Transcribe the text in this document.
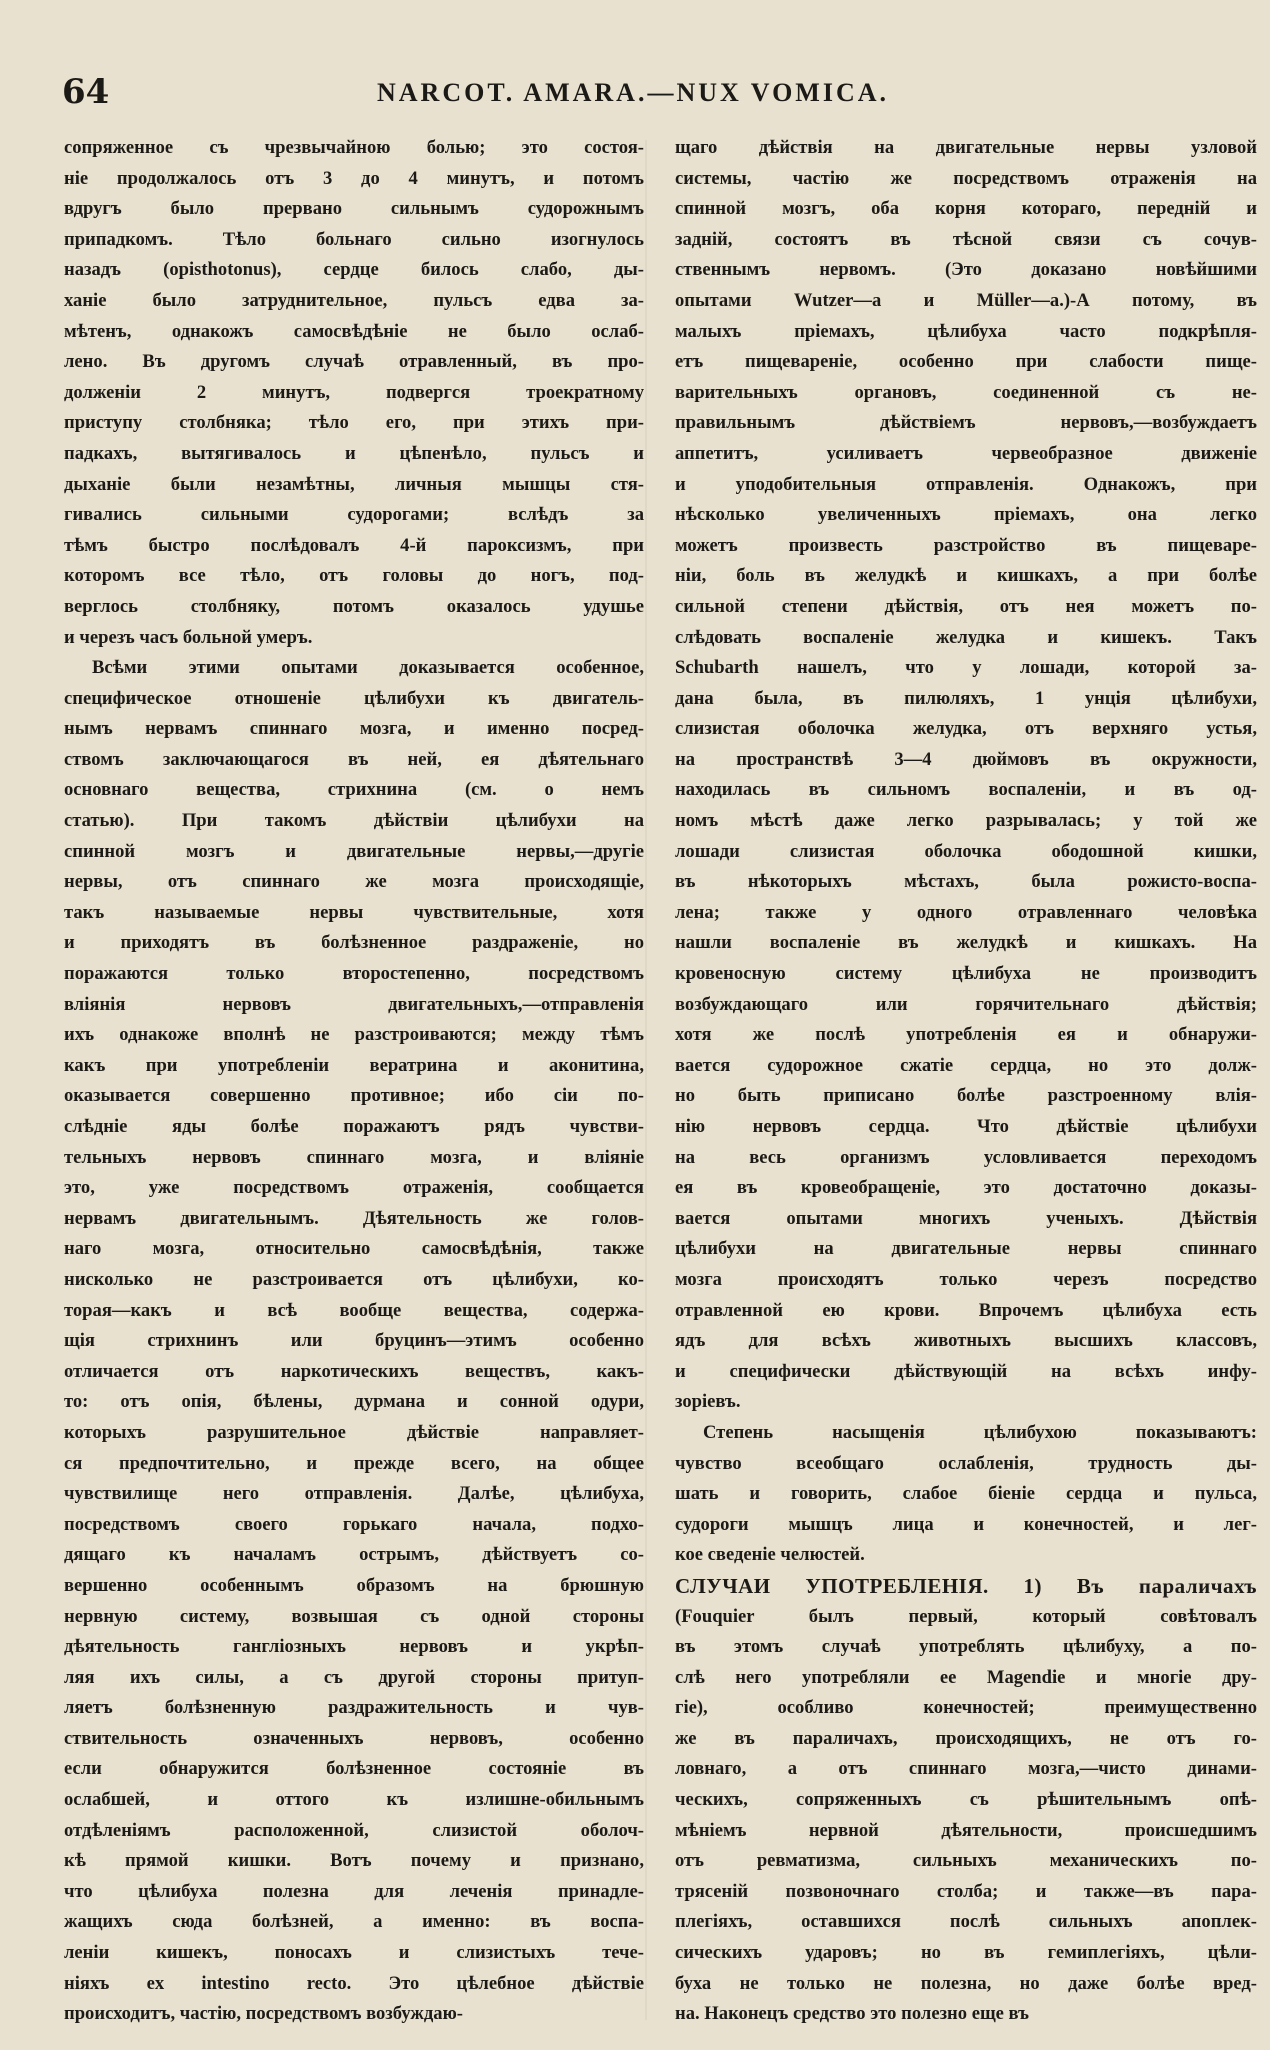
64	NARCOT. AMARA.—NUX VOMICA.
сопряженное съ чрезвычайною болью; это состоя-
ніе продолжалось отъ 3 до 4 минутъ, и потомъ
вдругъ было прервано сильнымъ судорожнымъ
припадкомъ. Тѣло больнаго сильно изогнулось
назадъ (opisthotonus), сердце билось слабо, ды-
ханіе было затруднительное, пульсъ едва за-
мѣтенъ, однакожъ самосвѣдѣніе не было ослаб-
лено. Въ другомъ случаѣ отравленный, въ про-
долженіи 2 минутъ, подвергся троекратному
приступу столбняка; тѣло его, при этихъ при-
падкахъ, вытягивалось и цѣпенѣло, пульсъ и
дыханіе были незамѣтны, личныя мышцы стя-
гивались сильными судорогами; вслѣдъ за
тѣмъ быстро послѣдовалъ 4-й пароксизмъ, при
которомъ все тѣло, отъ головы до ногъ, под-
верглось столбняку, потомъ оказалось удушье
и черезъ часъ больной умеръ.
Всѣми этими опытами доказывается особенное,
специфическое отношеніе цѣлибухи къ двигатель-
нымъ нервамъ спиннаго мозга, и именно посред-
ствомъ заключающагося въ ней, ея дѣятельнаго
основнаго вещества, стрихнина (см. о немъ
статью). При такомъ дѣйствіи цѣлибухи на
спинной мозгъ и двигательные нервы,—другіе
нервы, отъ спиннаго же мозга происходящіе,
такъ называемые нервы чувствительные, хотя
и приходятъ въ болѣзненное раздраженіе, но
поражаются только второстепенно, посредствомъ
вліянія нервовъ двигательныхъ,—отправленія
ихъ однакоже вполнѣ не разстроиваются; между тѣмъ
какъ при употребленіи вератрина и аконитина,
оказывается совершенно противное; ибо сіи по-
слѣдніе яды болѣе поражаютъ рядъ чувстви-
тельныхъ нервовъ спиннаго мозга, и вліяніе
это, уже посредствомъ отраженія, сообщается
нервамъ двигательнымъ. Дѣятельность же голов-
наго мозга, относительно самосвѣдѣнія, также
нисколько не разстроивается отъ цѣлибухи, ко-
торая—какъ и всѣ вообще вещества, содержа-
щія стрихнинъ или бруцинъ—этимъ особенно
отличается отъ наркотическихъ веществъ, какъ-
то: отъ опія, бѣлены, дурмана и сонной одури,
которыхъ разрушительное дѣйствіе направляет-
ся предпочтительно, и прежде всего, на общее
чувствилище него отправленія. Далѣе, цѣлибуха,
посредствомъ своего горькаго начала, подхо-
дящаго къ началамъ острымъ, дѣйствуетъ со-
вершенно особеннымъ образомъ на брюшную
нервную систему, возвышая съ одной стороны
дѣятельность гангліозныхъ нервовъ и укрѣп-
ляя ихъ силы, а съ другой стороны притуп-
ляетъ болѣзненную раздражительность и чув-
ствительность означенныхъ нервовъ, особенно
если обнаружится болѣзненное состояніе въ
ослабшей, и оттого къ излишне-обильнымъ
отдѣленіямъ расположенной, слизистой оболоч-
кѣ прямой кишки. Вотъ почему и признано,
что цѣлибуха полезна для леченія принадле-
жащихъ сюда болѣзней, а именно: въ воспа-
леніи кишекъ, поносахъ и слизистыхъ тече-
ніяхъ ex intestino recto. Это цѣлебное дѣйствіе
происходитъ, частію, посредствомъ возбуждаю-
щаго дѣйствія на двигательные нервы узловой
системы, частію же посредствомъ отраженія на
спинной мозгъ, оба корня котораго, передній и
задній, состоятъ въ тѣсной связи съ сочув-
ственнымъ нервомъ. (Это доказано новѣйшими
опытами Wutzer—а и Müller—а.)-А потому, въ
малыхъ пріемахъ, цѣлибуха часто подкрѣпля-
етъ пищевареніе, особенно при слабости пище-
варительныхъ органовъ, соединенной съ не-
правильнымъ дѣйствіемъ нервовъ,—возбуждаетъ
аппетитъ, усиливаетъ червеобразное движеніе
и уподобительныя отправленія. Однакожъ, при
нѣсколько увеличенныхъ пріемахъ, она легко
можетъ произвесть разстройство въ пищеваре-
ніи, боль въ желудкѣ и кишкахъ, а при болѣе
сильной степени дѣйствія, отъ нея можетъ по-
слѣдовать воспаленіе желудка и кишекъ. Такъ
Schubarth нашелъ, что у лошади, которой за-
дана была, въ пилюляхъ, 1 унція цѣлибухи,
слизистая оболочка желудка, отъ верхняго устья,
на пространствѣ 3—4 дюймовъ въ окружности,
находилась въ сильномъ воспаленіи, и въ од-
номъ мѣстѣ даже легко разрывалась; у той же
лошади слизистая оболочка ободошной кишки,
въ нѣкоторыхъ мѣстахъ, была рожисто-воспа-
лена; также у одного отравленнаго человѣка
нашли воспаленіе въ желудкѣ и кишкахъ. На
кровеносную систему цѣлибуха не производитъ
возбуждающаго или горячительнаго дѣйствія;
хотя же послѣ употребленія ея и обнаружи-
вается судорожное сжатіе сердца, но это долж-
но быть приписано болѣе разстроенному влія-
нію нервовъ сердца. Что дѣйствіе цѣлибухи
на весь организмъ условливается переходомъ
ея въ кровеобращеніе, это достаточно доказы-
вается опытами многихъ ученыхъ. Дѣйствія
цѣлибухи на двигательные нервы спиннаго
мозга происходятъ только черезъ посредство
отравленной ею крови. Впрочемъ цѣлибуха есть
ядъ для всѣхъ животныхъ высшихъ классовъ,
и специфически дѣйствующій на всѣхъ инфу-
зоріевъ.
Степень насыщенія цѣлибухою показываютъ:
чувство всеобщаго ослабленія, трудность ды-
шать и говорить, слабое біеніе сердца и пульса,
судороги мышцъ лица и конечностей, и лег-
кое сведеніе челюстей.
СЛУЧАИ УПОТРЕБЛЕНІЯ. 1) Въ параличахъ
(Fouquier былъ первый, который совѣтовалъ
въ этомъ случаѣ употреблять цѣлибуху, а по-
слѣ него употребляли ее Magendie и многіе дру-
гіе), особливо конечностей; преимущественно
же въ параличахъ, происходящихъ, не отъ го-
ловнаго, а отъ спиннаго мозга,—чисто динами-
ческихъ, сопряженныхъ съ рѣшительнымъ опѣ-
мѣніемъ нервной дѣятельности, происшедшимъ
отъ ревматизма, сильныхъ механическихъ по-
трясеній позвоночнаго столба; и также—въ пара-
плегіяхъ, оставшихся послѣ сильныхъ апоплек-
сическихъ ударовъ; но въ гемиплегіяхъ, цѣли-
буха не только не полезна, но даже болѣе вред-
на. Наконецъ средство это полезно еще въ
